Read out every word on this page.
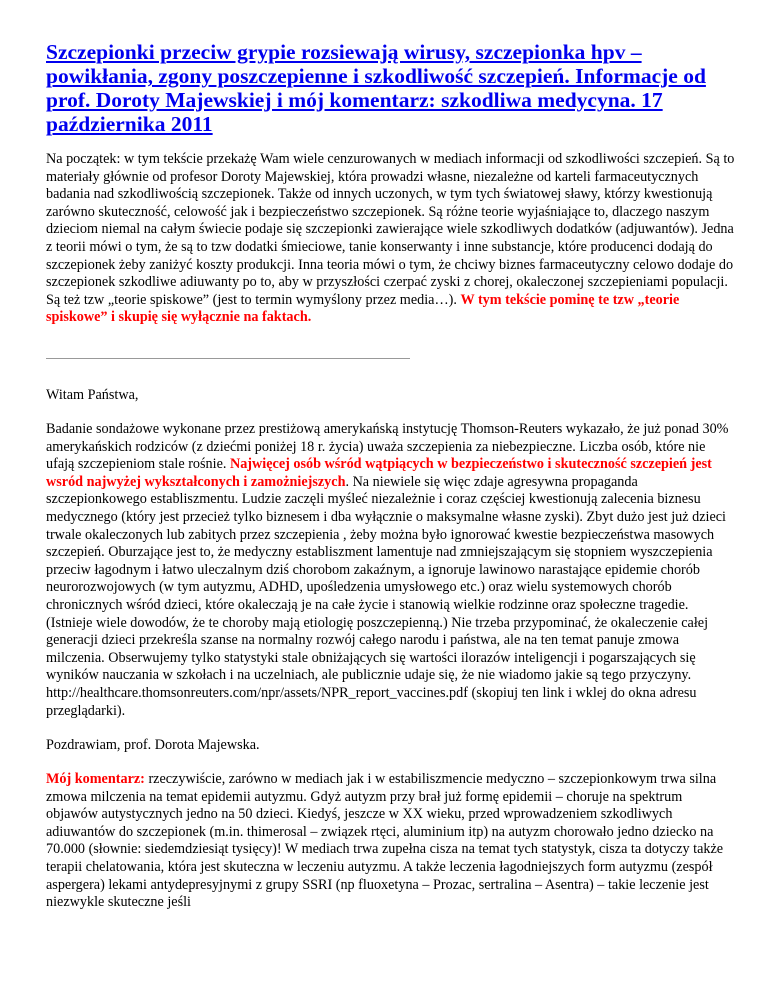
Szczepionki przeciw grypie rozsiewają wirusy, szczepionka hpv – powikłania, zgony poszczepienne i szkodliwość szczepień. Informacje od prof. Doroty Majewskiej i mój komentarz: szkodliwa medycyna. 17 października 2011

Na początek: w tym tekście przekażę Wam wiele cenzurowanych w mediach informacji od szkodliwości szczepień. Są to materiały głównie od profesor Doroty Majewskiej, która prowadzi własne, niezależne od karteli farmaceutycznych badania nad szkodliwością szczepionek. Także od innych uczonych, w tym tych światowej sławy, którzy kwestionują zarówno skuteczność, celowość jak i bezpieczeństwo szczepionek. Są różne teorie wyjaśniające to, dlaczego naszym dzieciom niemal na całym świecie podaje się szczepionki zawierające wiele szkodliwych dodatków (adjuwantów). Jedna z teorii mówi o tym, że są to tzw dodatki śmieciowe, tanie konserwanty i inne substancje, które producenci dodają do szczepionek żeby zaniżyć koszty produkcji. Inna teoria mówi o tym, że chciwy biznes farmaceutyczny celowo dodaje do szczepionek szkodliwe adiuwanty po to, aby w przyszłości czerpać zyski z chorej, okaleczonej szczepieniami populacji. Są też tzw „teorie spiskowe” (jest to termin wymyślony przez media…). W tym tekście pominę te tzw „teorie spiskowe” i skupię się wyłącznie na faktach.

Witam Państwa,

Badanie sondażowe wykonane przez prestiżową amerykańską instytucję Thomson-Reuters wykazało, że już ponad 30% amerykańskich rodziców (z dziećmi poniżej 18 r. życia) uważa szczepienia za niebezpieczne. Liczba osób, które nie ufają szczepieniom stale rośnie. Najwięcej osób wśród wątpiących w bezpieczeństwo i skuteczność szczepień jest wsród najwyżej wykształconych i zamożniejszych. Na niewiele się więc zdaje agresywna propaganda szczepionkowego establiszmentu. Ludzie zaczęli myśleć niezależnie i coraz częściej kwestionują zalecenia biznesu medycznego (który jest przecież tylko biznesem i dba wyłącznie o maksymalne własne zyski). Zbyt dużo jest już dzieci trwale okaleczonych lub zabitych przez szczepienia , żeby można było ignorować kwestie bezpieczeństwa masowych szczepień. Oburzające jest to, że medyczny establiszment lamentuje nad zmniejszającym się stopniem wyszczepienia przeciw łagodnym i łatwo uleczalnym dziś chorobom zakaźnym, a ignoruje lawinowo narastające epidemie chorób neurorozwojowych (w tym autyzmu, ADHD, upośledzenia umysłowego etc.) oraz wielu systemowych chorób chronicznych wśród dzieci, które okaleczają je na całe życie i stanowią wielkie rodzinne oraz społeczne tragedie. (Istnieje wiele dowodów, że te choroby mają etiologię poszczepienną.) Nie trzeba przypominać, że okaleczenie całej generacji dzieci przekreśla szanse na normalny rozwój całego narodu i państwa, ale na ten temat panuje zmowa milczenia. Obserwujemy tylko statystyki stale obniżających się wartości ilorazów inteligencji i pogarszających się wyników nauczania w szkołach i na uczelniach, ale publicznie udaje się, że nie wiadomo jakie są tego przyczyny.

http://healthcare.thomsonreuters.com/npr/assets/NPR_report_vaccines.pdf (skopiuj ten link i wklej do okna adresu przeglądarki).

Pozdrawiam, prof. Dorota Majewska.

Mój komentarz: rzeczywiście, zarówno w mediach jak i w estabiliszmencie medyczno – szczepionkowym trwa silna zmowa milczenia na temat epidemii autyzmu. Gdyż autyzm przy brał już formę epidemii – choruje na spektrum objawów autystycznych jedno na 50 dzieci. Kiedyś, jeszcze w XX wieku, przed wprowadzeniem szkodliwych adiuwantów do szczepionek (m.in. thimerosal – związek rtęci, aluminium itp) na autyzm chorowało jedno dziecko na 70.000 (słownie: siedemdziesiąt tysięcy)! W mediach trwa zupełna cisza na temat tych statystyk, cisza ta dotyczy także terapii chelatowania, która jest skuteczna w leczeniu autyzmu. A także leczenia łagodniejszych form autyzmu (zespół aspergera) lekami antydepresyjnymi z grupy SSRI (np fluoxetyna – Prozac, sertralina – Asentra) – takie leczenie jest niezwykle skuteczne jeśli
